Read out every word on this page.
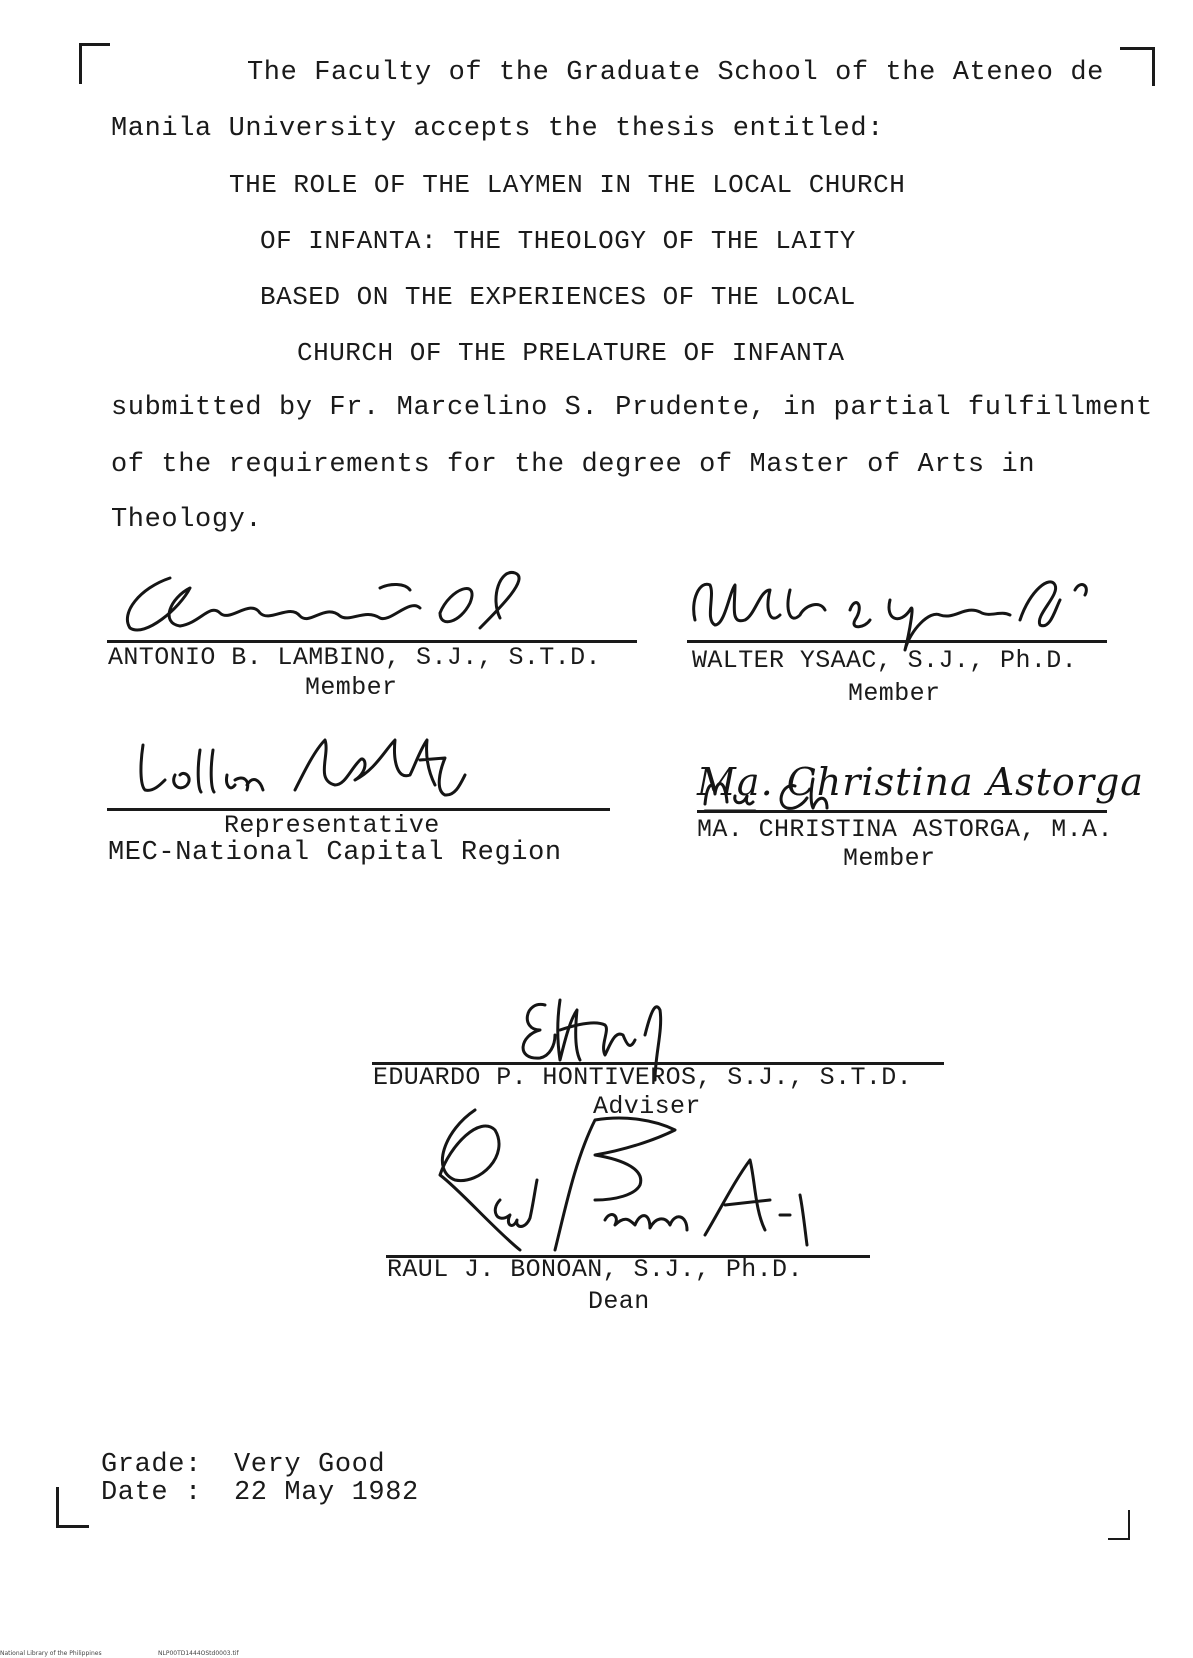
The Faculty of the Graduate School of the Ateneo de
Manila University accepts the thesis entitled:
THE ROLE OF THE LAYMEN IN THE LOCAL CHURCH
OF INFANTA: THE THEOLOGY OF THE LAITY
BASED ON THE EXPERIENCES OF THE LOCAL
CHURCH OF THE PRELATURE OF INFANTA
submitted by Fr. Marcelino S. Prudente, in partial fulfillment
of the requirements for the degree of Master of Arts in
Theology.
ANTONIO B. LAMBINO, S.J., S.T.D.
Member
WALTER YSAAC, S.J., Ph.D.
Member
Representative
MEC-National Capital Region
Ma. Christina Astorga
MA. CHRISTINA ASTORGA, M.A.
Member
EDUARDO P. HONTIVEROS, S.J., S.T.D.
Adviser
RAUL J. BONOAN, S.J., Ph.D.
Dean
Grade: Very Good
Date : 22 May 1982
National Library of the Philippines	NLP00TD1444OStd0003.tif
